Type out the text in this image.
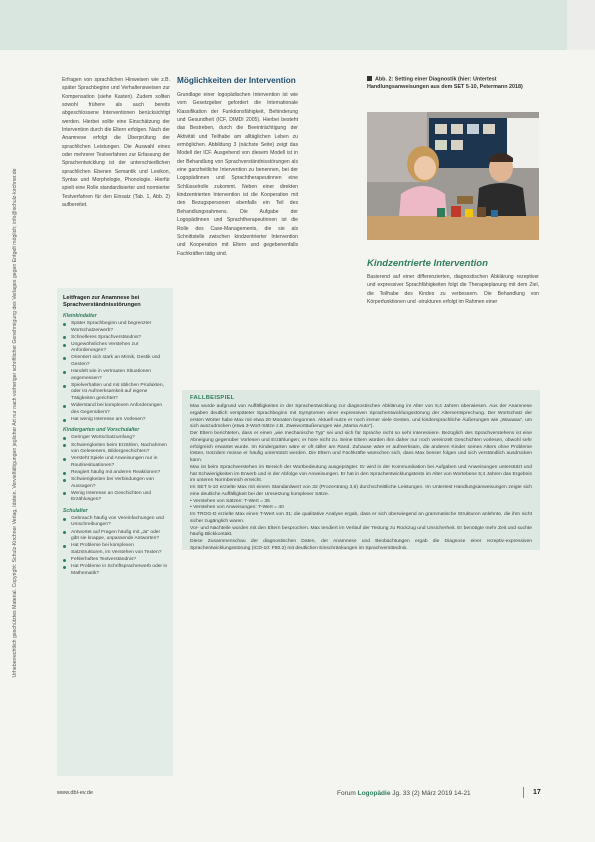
Urheberrechtlich geschütztes Material. Copyright: Schulz-Kirchner Verlag, Idstein. Vervielfältigungen jeglicher Art nur nach vorheriger schriftlicher Genehmigung des Verlages gegen Entgelt möglich; info@schulz-kirchner.de
Erfragen von sprachlichen Hinweisen wie z.B. später Sprachbeginn und Verhaltensweisen zur Kompensation (siehe Kasten). Zudem sollten sowohl frühere als auch bereits abgeschlossene Interventionen berücksichtigt werden. Hierbei sollte eine Einschätzung der Intervention durch die Eltern erfolgen. Nach der Anamnese erfolgt die Überprüfung der sprachlichen Leistungen. Die Auswahl eines oder mehrerer Testverfahren zur Erfassung der Sprachentwicklung ist der unterschiedlichen sprachlichen Ebenen Semantik und Lexikon, Syntax und Morphologie, Phonologie. Hierfür spielt eine Rolle standardisierter und normierter Testverfahren für den Einsatz (Tab. 1, Abb. 2) aufbereitet.
Leitfragen zur Anamnese bei Sprachverständnisstörungen
Kleinkindalter
Später Sprachbeginn und begrenzter Wortschatzerwerb?
Schnelleres Sprachverständnis?
Ungewöhnliches Verstehen zur Anforderungen?
Orientiert sich stark an Mimik, Gestik und Gesten?
Handelt wie in vertrauten Situationen angemessen?
Spielverhalten und mit üblichen Produkten, oder ist Aufmerksamkeit auf eigene Tätigkeiten gerichtet?
Widerstand bei komplexen Anforderungen des Gegenübers?
Hat wenig Interesse am Vorlesen?
Kindergarten und Vorschulalter
Geringer Wortschatzumfang?
Schwierigkeiten beim Erzählen, Nachahmen von Gelesenem, Bildergeschichten?
Versteht Spiele und Anweisungen nur in Routinesituationen?
Reagiert häufig mit anderen Reaktionen?
Schwierigkeiten bei Verbindungen von Aussagen?
Wenig Interesse an Geschichten und Erzählungen?
Schulalter
Gebrauch häufig von Vereinfachungen und Umschreibungen?
Antwortet auf Fragen häufig mit „Ja“ oder gibt sie knappe, unpassende Antworten?
Hat Probleme bei komplexen Satzstrukturen, im Verstehen von Texten?
Fehlerhaftes Textverständnis?
Hat Probleme in Schriftspracherwerb oder in Mathematik?
Möglichkeiten der Intervention
Grundlage einer logopädischen Intervention ist wie vom Gesetzgeber gefordert die Internationale Klassifikation der Funktionsfähigkeit, Behinderung und Gesundheit (ICF, DIMDI 2005). Hierbei besteht das Bestreben, durch die Beeinträchtigung der Aktivität und Teilhabe am alltäglichen Leben zu ermöglichen. Abbildung 3 (nächste Seite) zeigt das Modell der ICF. Ausgehend von diesem Modell ist in der Behandlung von Sprachverständnisstörungen als eine ganzheitliche Intervention zu benennen, bei der Logopädinnen und Sprachtherapeutinnen eine Schlüsselrolle zukommt. Neben einer direkten kindzentrierten Intervention ist die Kooperation mit den Bezugspersonen ebenfalls ein Teil des Behandlungsrahmens. Die Aufgabe der Logopädinnen und Sprachtherapeutinnen ist die Rolle des Case-Managements, die sie als Schnittstelle zwischen kindzentrierter Intervention und Kooperation mit Eltern und gegebenenfalls Fachkräften tätig sind.
Abb. 2: Setting einer Diagnostik (hier: Untertest Handlungsanweisungen aus dem SET 5-10, Petermann 2018)
Kindzentrierte Intervention
Basierend auf einer differenzierten, diagnostischen Abklärung rezeptiver und expressiver Sprachfähigkeiten folgt die Therapieplanung mit dem Ziel, die Teilhabe des Kindes zu verbessern. Die Behandlung von Körperfunktionen und -strukturen erfolgt im Rahmen einer
FALLBEISPIEL
Max wurde aufgrund von Auffälligkeiten in der Sprachentwicklung zur diagnostischen Abklärung im Alter von 5;4 Jahren überwiesen. Aus der Anamnese ergaben deutlich verspäteter Sprachbeginn mit Symptomen einer expressiven Sprachentwicklungsstörung der Altersentsprechung. Der Wortschatz der ersten Wörter habe Max mit etwa 20 Monaten begonnen. Aktuell nutze er noch immer viele Gesten, und kindersprachliche Äußerungen wie „Wauwau“, um sich auszudrücken (etwa 3-Wort-Sätze z.B. Zweiwortäußerungen wie „Mama Auto“).
Der Eltern berichteten, dass er einen „wie mechanische Typ“ sei und sich für Sprache nicht so sehr interessiere. Bezüglich des Sprachverstehens ist eine Abneigung gegenüber Vorlesen und Erzählungen; er höre nicht zu. Seine Eltern würden ihm daher nur noch vereinzelt Geschichten vorlesen, obwohl sehr erfolgreich erwartet wurde. Im Kindergarten wäre er oft stiller am Rand. Zuhause wäre er aufmerksam, die anderen Kinder seines Alters ohne Probleme lösten, trotzdem müsse er häufig unterstützt werden. Die Eltern und Fachkräfte wünschen sich, dass Max besser folgen und sich verständlich ausdrücken kann.
Max ist beim Sprachverstehen im Bereich der Wortbedeutung ausgeprägter. Er wird in der Kommunikation bei Aufgaben und Anweisungen unterstützt und hat Schwierigkeiten im Erwerb und in der Abfolge von Anweisungen. Er hat in den Sprachentwicklungstests im Alter von Wortebene 5;4 Jahren das Ergebnis im unteren Normbereich erreicht.
Im SET 5-10 erzielte Max mit einem Standardwert von 32 (Prozentrang 3,6) durchschnittliche Leistungen. Im Untertest Handlungsanweisungen zeigte sich eine deutliche Auffälligkeit bei der Umsetzung komplexer Sätze.
• Verstehen von Sätzen: T-Wert = 35
• Verstehen von Anweisungen: T-Wert = 40
Im TROG-D erzielte Max einen T-Wert von 31; die qualitative Analyse ergab, dass er sich überwiegend an grammatische Strukturen anlehnte, die ihm nicht sicher zugänglich waren.
Vor- und Nachteile wurden mit den Eltern besprochen. Max tendiert im Verlauf der Testung zu Rückzug und Unsicherheit. Er benötigte mehr Zeit und suchte häufig Blickkontakt.
Diese Zusammenschau der diagnostischen Daten, der Anamnese und Beobachtungen ergab die Diagnose einer rezeptiv-expressiven Sprachentwicklungsstörung (ICD-10: F80.2) mit deutlichen Einschränkungen im Sprachverständnis.
www.dbl-ev.de	Forum Logopädie Jg. 33 (2) März 2019 14-21	17
